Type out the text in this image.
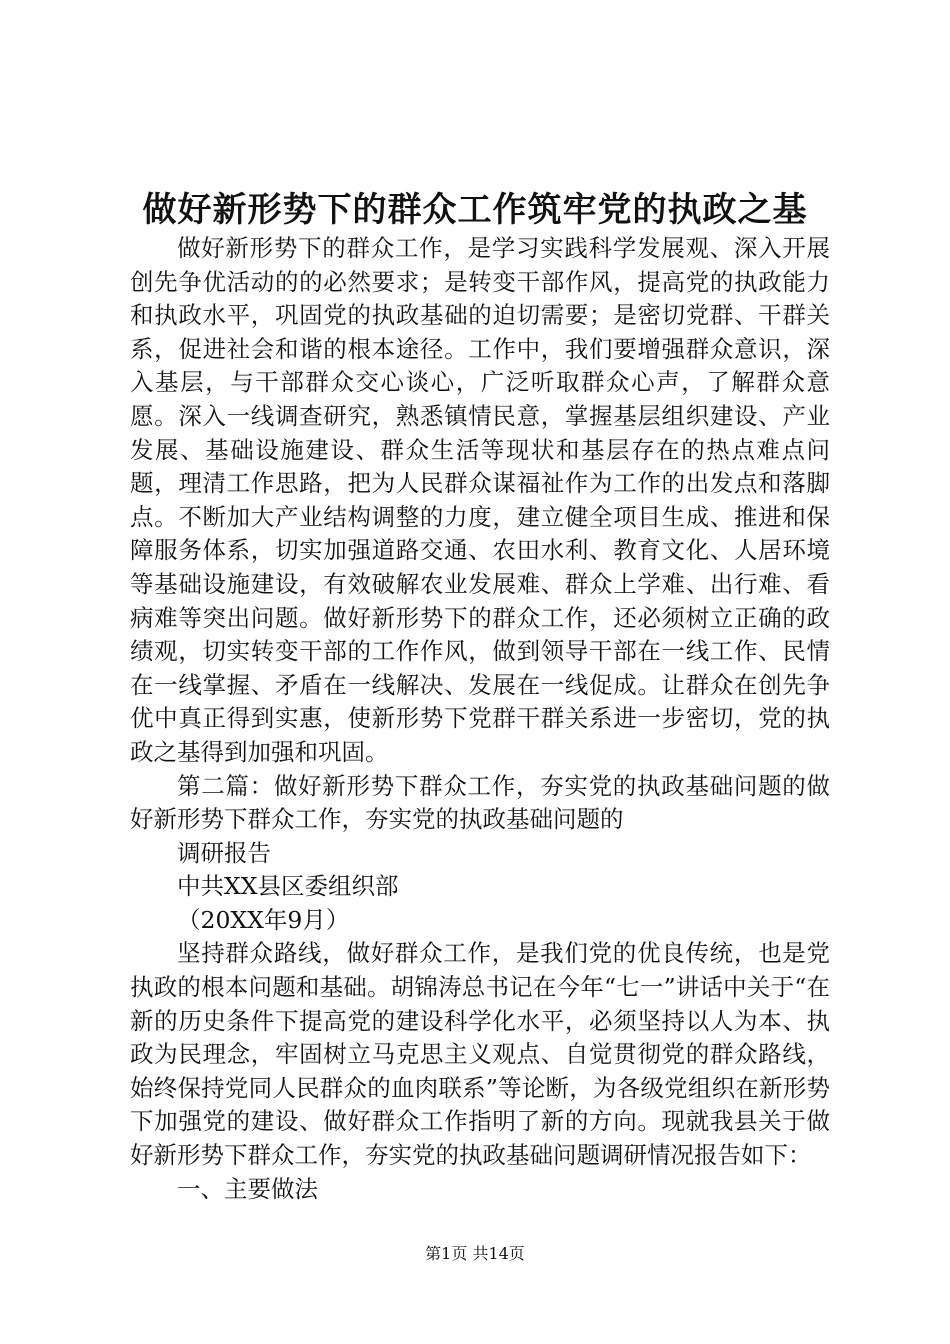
做好新形势下的群众工作筑牢党的执政之基

做好新形势下的群众工作，是学习实践科学发展观、深入开展创先争优活动的的必然要求；是转变干部作风，提高党的执政能力和执政水平，巩固党的执政基础的迫切需要；是密切党群、干群关系，促进社会和谐的根本途径。工作中，我们要增强群众意识，深入基层，与干部群众交心谈心，广泛听取群众心声，了解群众意愿。深入一线调查研究，熟悉镇情民意，掌握基层组织建设、产业发展、基础设施建设、群众生活等现状和基层存在的热点难点问题，理清工作思路，把为人民群众谋福祉作为工作的出发点和落脚点。不断加大产业结构调整的力度，建立健全项目生成、推进和保障服务体系，切实加强道路交通、农田水利、教育文化、人居环境等基础设施建设，有效破解农业发展难、群众上学难、出行难、看病难等突出问题。做好新形势下的群众工作，还必须树立正确的政绩观，切实转变干部的工作作风，做到领导干部在一线工作、民情在一线掌握、矛盾在一线解决、发展在一线促成。让群众在创先争优中真正得到实惠，使新形势下党群干群关系进一步密切，党的执政之基得到加强和巩固。

第二篇：做好新形势下群众工作，夯实党的执政基础问题的做好新形势下群众工作，夯实党的执政基础问题的

调研报告

中共XX县区委组织部

（20XX年9月）

坚持群众路线，做好群众工作，是我们党的优良传统，也是党执政的根本问题和基础。胡锦涛总书记在今年“七一”讲话中关于“在新的历史条件下提高党的建设科学化水平，必须坚持以人为本、执政为民理念，牢固树立马克思主义观点、自觉贯彻党的群众路线，始终保持党同人民群众的血肉联系”等论断，为各级党组织在新形势下加强党的建设、做好群众工作指明了新的方向。现就我县关于做好新形势下群众工作，夯实党的执政基础问题调研情况报告如下：

一、主要做法

第1页 共14页
